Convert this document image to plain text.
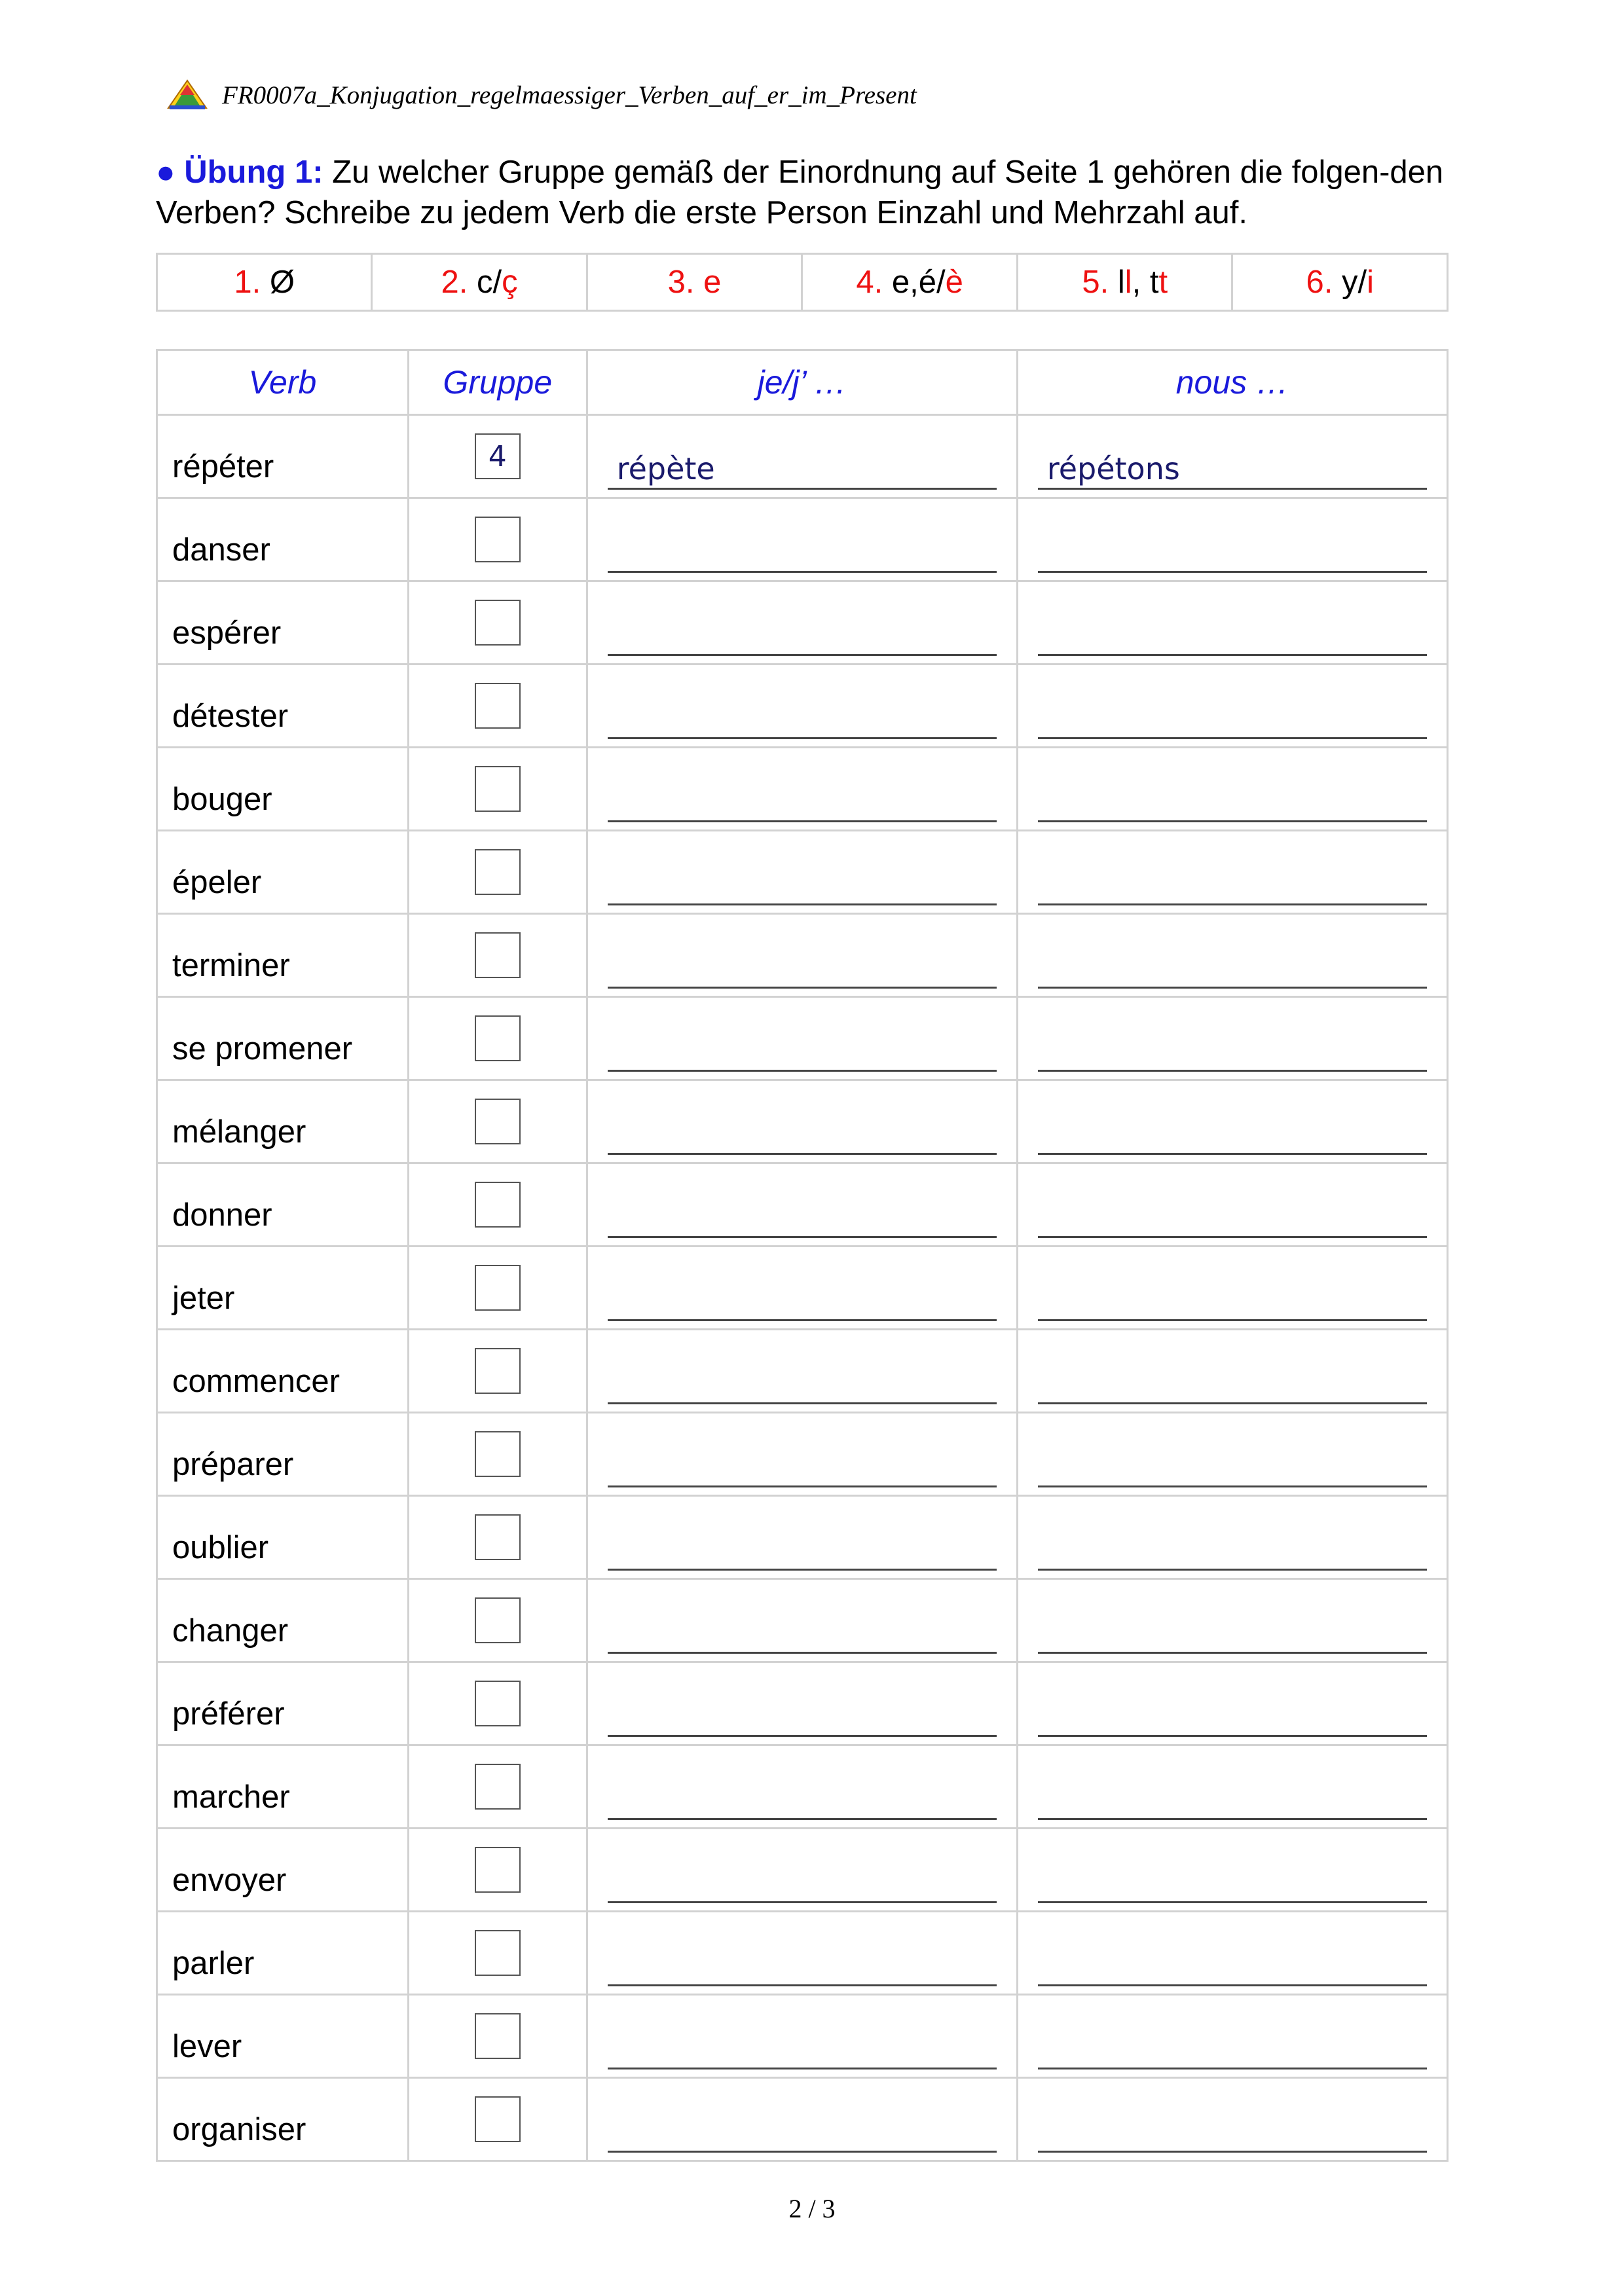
FR0007a_Konjugation_regelmaessiger_Verben_auf_er_im_Present
● Übung 1: Zu welcher Gruppe gemäß der Einordnung auf Seite 1 gehören die folgen-den Verben? Schreibe zu jedem Verb die erste Person Einzahl und Mehrzahl auf.
1. Ø	2. c/ç	3. e	4. e,é/è	5. ll, tt	6. y/i
Verb	Gruppe	je/j’ …	nous …
répéter	4	répète	répétons

danser	

espérer	

détester	

bouger	

épeler	

terminer	

se promener	

mélanger	

donner	

jeter	

commencer	

préparer	

oublier	

changer	

préférer	

marcher	

envoyer	

parler	

lever	

organiser	

2 / 3
